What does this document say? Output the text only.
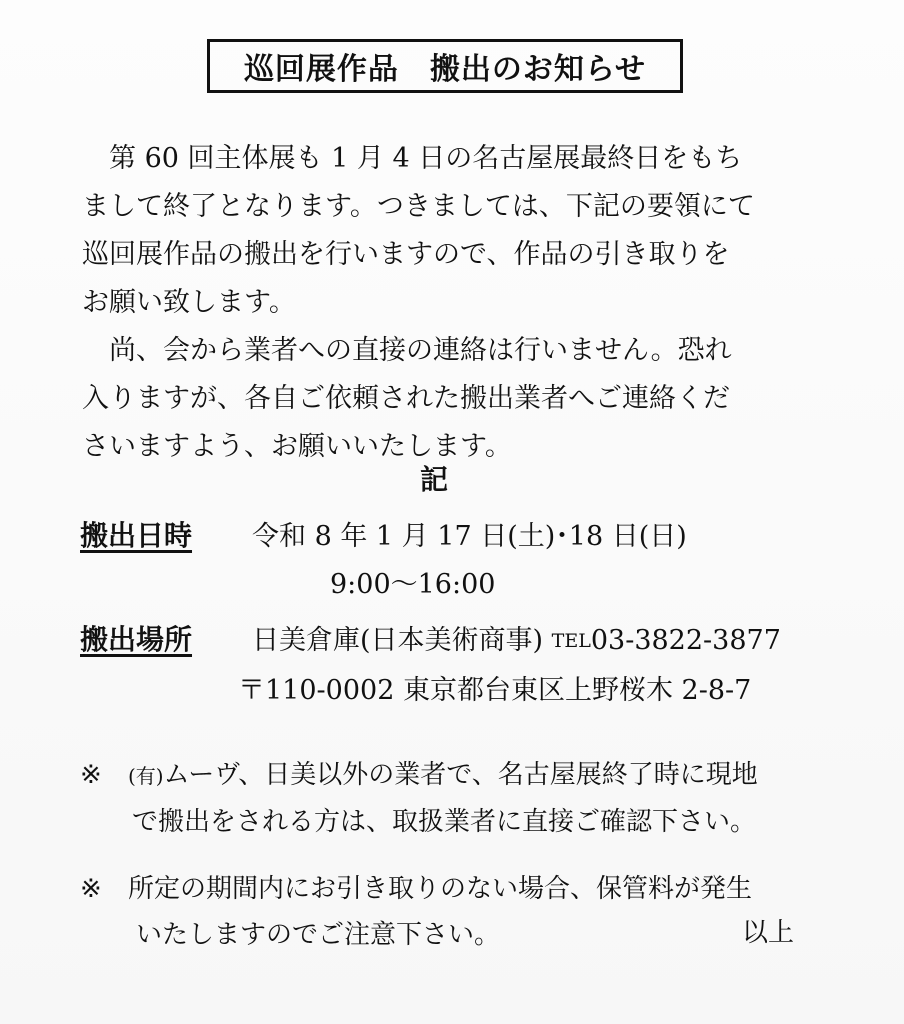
巡回展作品　搬出のお知らせ
　第 60 回主体展も 1 月 4 日の名古屋展最終日をもち
まして終了となります。つきましては、下記の要領にて
巡回展作品の搬出を行いますので、作品の引き取りを
お願い致します。
　尚、会から業者への直接の連絡は行いません。恐れ
入りますが、各自ご依頼された搬出業者へご連絡くだ
さいますよう、お願いいたします。
記
搬出日時 令和 8 年 1 月 17 日(土)･18 日(日)
9:00～16:00
搬出場所 日美倉庫(日本美術商事) TEL03-3822-3877
〒110-0002 東京都台東区上野桜木 2-8-7
※ (有)ムーヴ、日美以外の業者で、名古屋展終了時に現地
で搬出をされる方は、取扱業者に直接ご確認下さい。
※ 所定の期間内にお引き取りのない場合、保管料が発生
いたしますのでご注意下さい。	以上
